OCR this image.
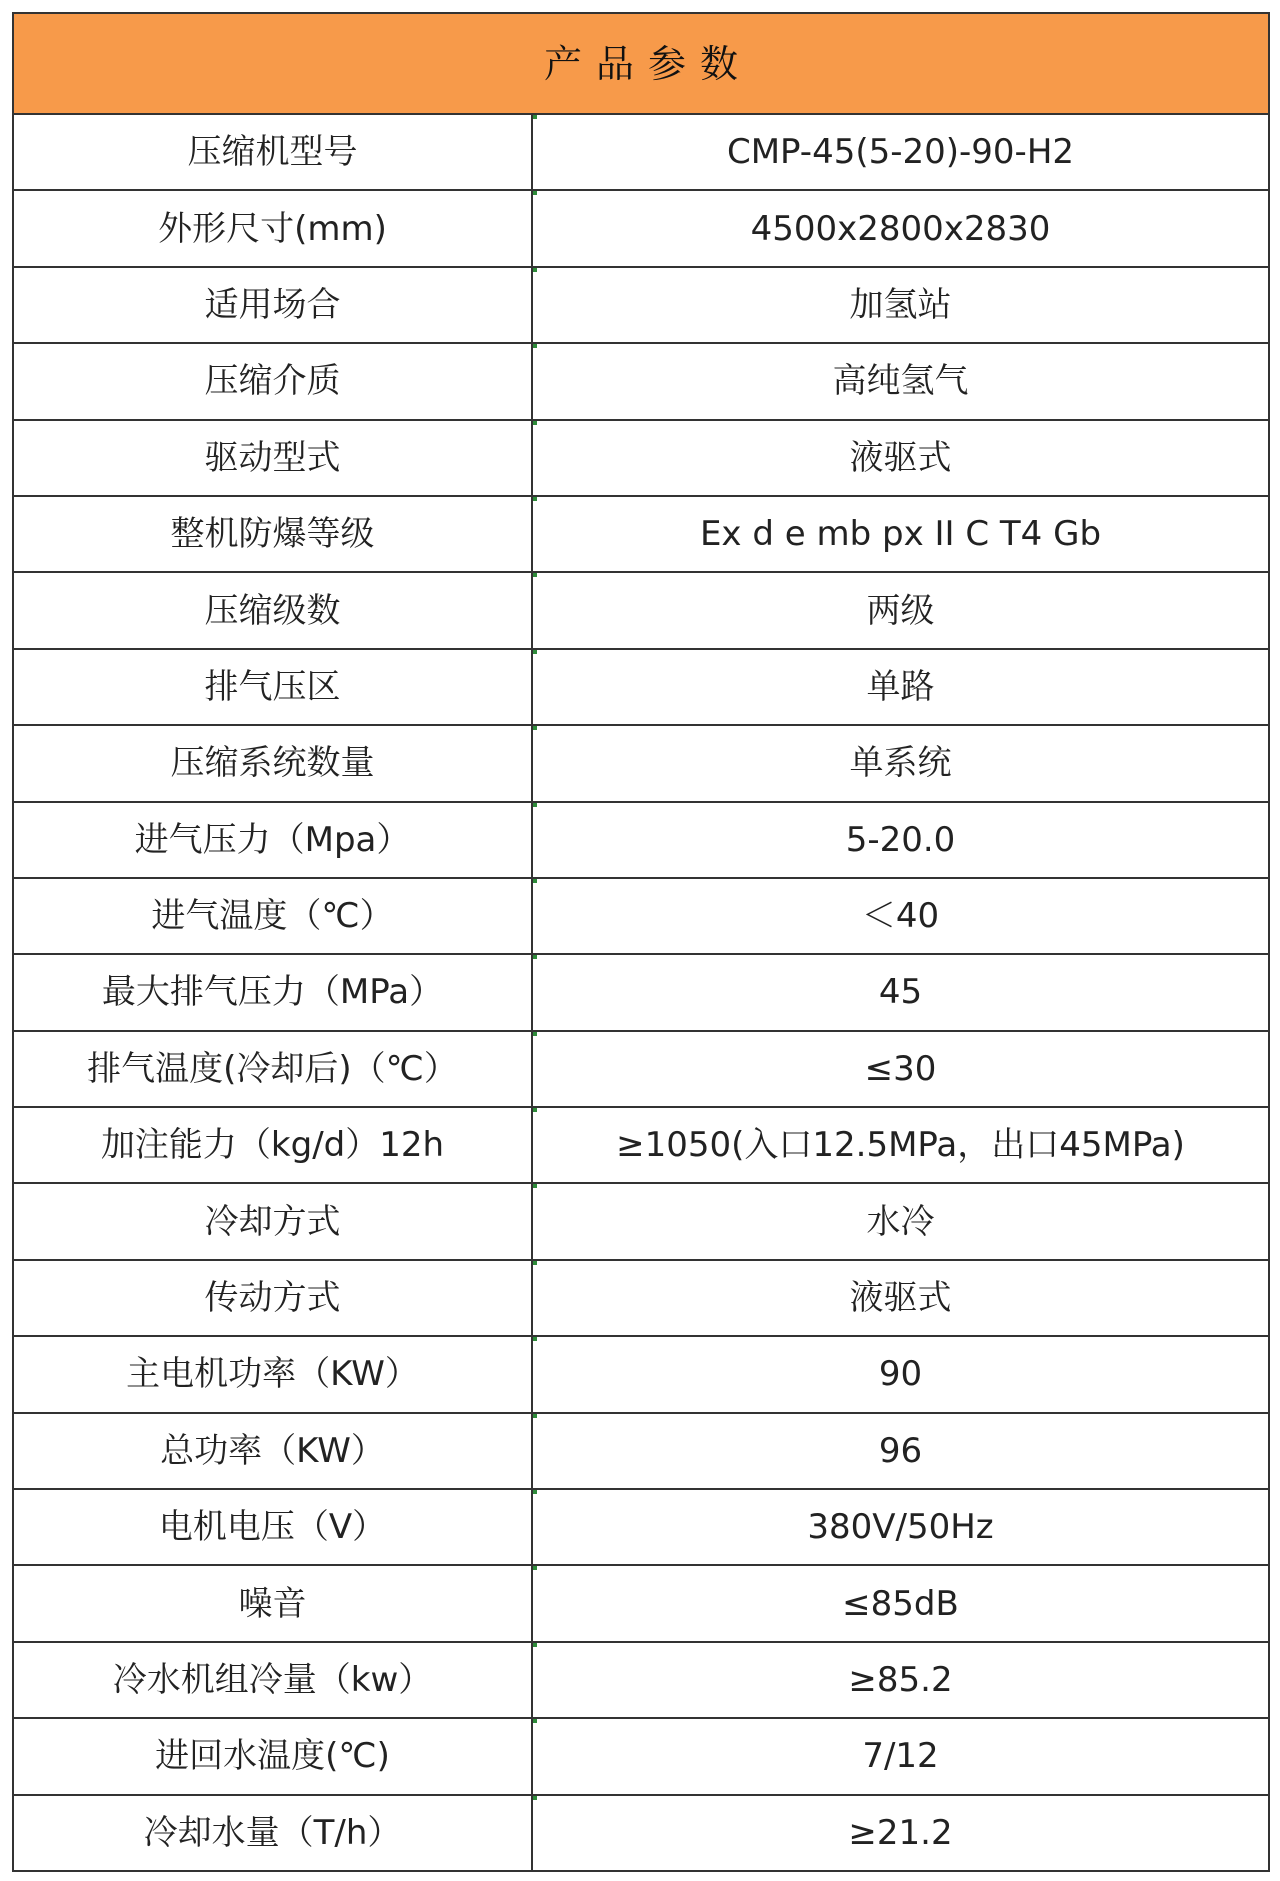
产品参数	
压缩机型号	CMP-45(5-20)-90-H2
外形尺寸(mm)	4500x2800x2830
适用场合	加氢站
压缩介质	高纯氢气
驱动型式	液驱式
整机防爆等级	Ex d e mb px II C T4 Gb
压缩级数	两级
排气压区	单路
压缩系统数量	单系统
进气压力（Mpa）	5-20.0
进气温度（℃）	＜40
最大排气压力（MPa）	45
排气温度(冷却后)（℃）	≤30
加注能力（kg/d）12h	≥1050(入口12.5MPa，出口45MPa)
冷却方式	水冷
传动方式	液驱式
主电机功率（KW）	90
总功率（KW）	96
电机电压（V）	380V/50Hz
噪音	≤85dB
冷水机组冷量（kw）	≥85.2
进回水温度(℃)	7/12
冷却水量（T/h）	≥21.2
